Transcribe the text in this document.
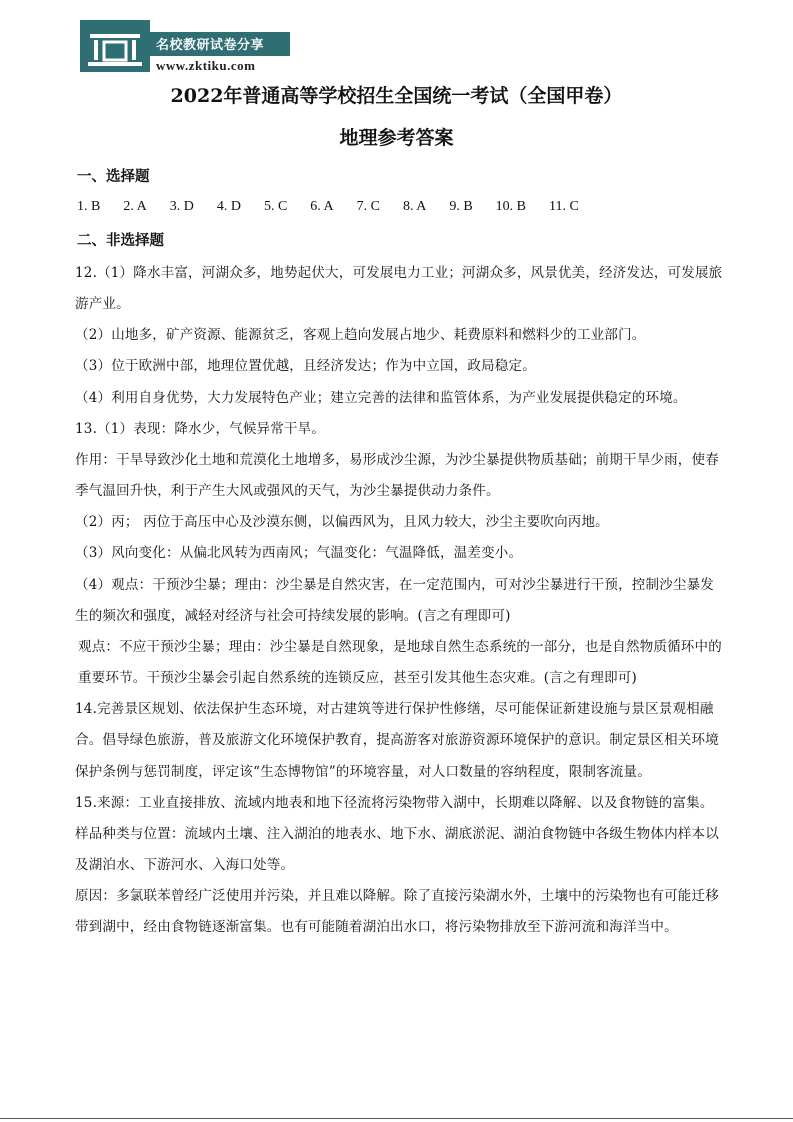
名校教研试卷分享
www.zktiku.com
2022年普通高等学校招生全国统一考试（全国甲卷）
地理参考答案
一、选择题
1. B 2. A 3. D 4. D 5. C 6. A 7. C 8. A 9. B 10. B 11. C
二、非选择题

12.（1）降水丰富，河湖众多，地势起伏大，可发展电力工业；河湖众多，风景优美，经济发达，可发展旅游产业。

（2）山地多，矿产资源、能源贫乏，客观上趋向发展占地少、耗费原料和燃料少的工业部门。

（3）位于欧洲中部，地理位置优越，且经济发达；作为中立国，政局稳定。

（4）利用自身优势，大力发展特色产业；建立完善的法律和监管体系，为产业发展提供稳定的环境。

13.（1）表现：降水少，气候异常干旱。

作用：干旱导致沙化土地和荒漠化土地增多，易形成沙尘源，为沙尘暴提供物质基础；前期干旱少雨，使春季气温回升快，利于产生大风或强风的天气，为沙尘暴提供动力条件。

（2）丙； 丙位于高压中心及沙漠东侧，以偏西风为，且风力较大，沙尘主要吹向丙地。

（3）风向变化：从偏北风转为西南风；气温变化：气温降低，温差变小。

（4）观点：干预沙尘暴；理由：沙尘暴是自然灾害，在一定范围内，可对沙尘暴进行干预，控制沙尘暴发生的频次和强度，减轻对经济与社会可持续发展的影响。(言之有理即可)

观点：不应干预沙尘暴；理由：沙尘暴是自然现象，是地球自然生态系统的一部分，也是自然物质循环中的重要环节。干预沙尘暴会引起自然系统的连锁反应，甚至引发其他生态灾难。(言之有理即可)

14.完善景区规划、依法保护生态环境，对古建筑等进行保护性修缮，尽可能保证新建设施与景区景观相融合。倡导绿色旅游，普及旅游文化环境保护教育，提高游客对旅游资源环境保护的意识。制定景区相关环境保护条例与惩罚制度，评定该“生态博物馆”的环境容量，对人口数量的容纳程度，限制客流量。

15.来源：工业直接排放、流域内地表和地下径流将污染物带入湖中，长期难以降解、以及食物链的富集。

样品种类与位置：流域内土壤、注入湖泊的地表水、地下水、湖底淤泥、湖泊食物链中各级生物体内样本以及湖泊水、下游河水、入海口处等。

原因：多氯联苯曾经广泛使用并污染，并且难以降解。除了直接污染湖水外，土壤中的污染物也有可能迁移带到湖中，经由食物链逐渐富集。也有可能随着湖泊出水口，将污染物排放至下游河流和海洋当中。
